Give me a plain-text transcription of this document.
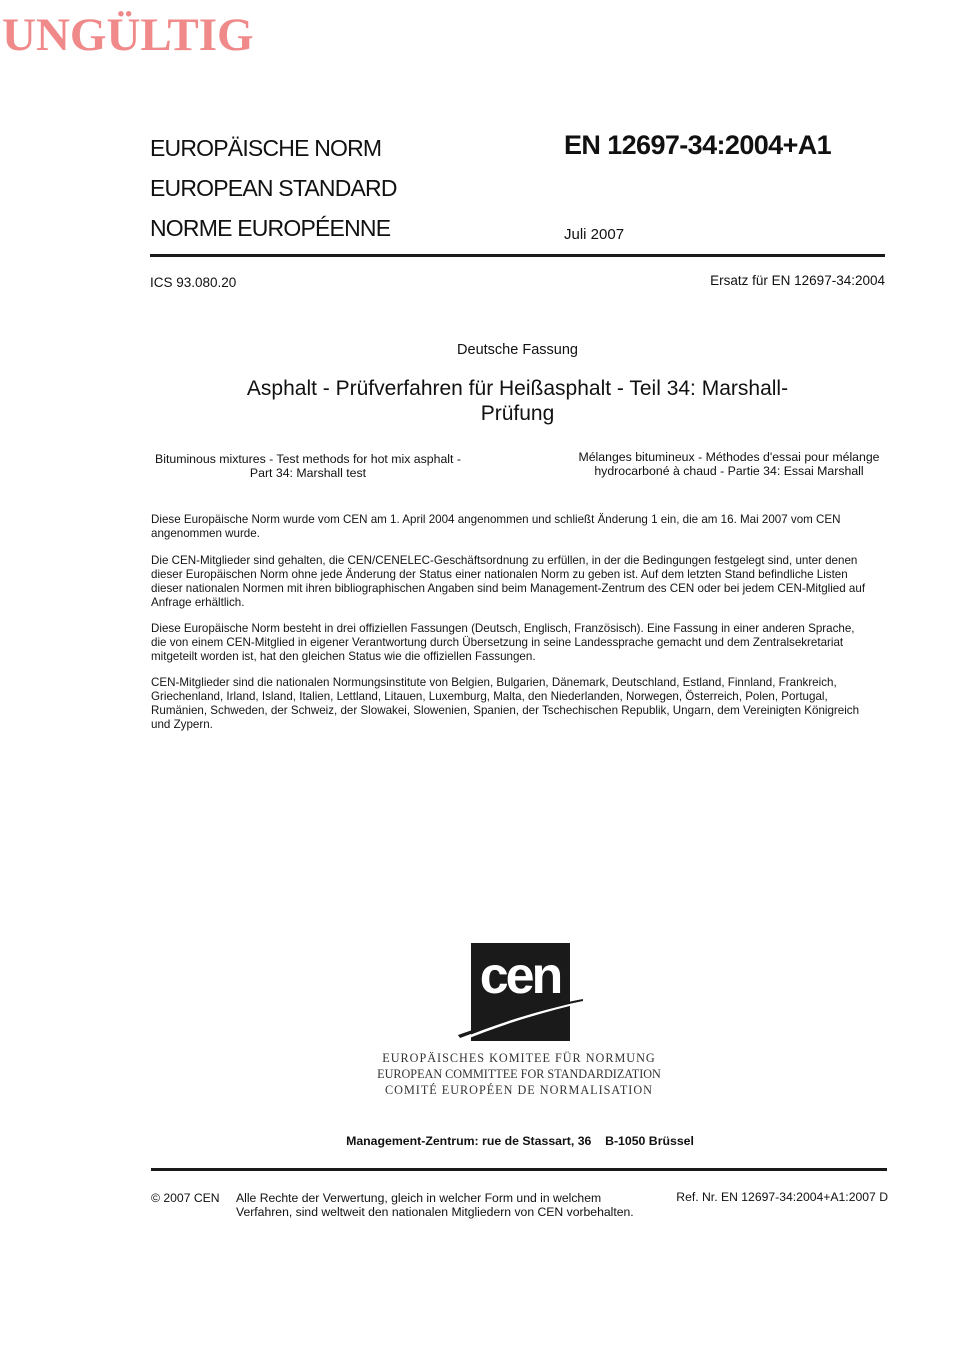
UNGÜLTIG
EUROPÄISCHE NORM
EUROPEAN STANDARD
NORME EUROPÉENNE
EN 12697-34:2004+A1
Juli 2007
ICS 93.080.20	Ersatz für EN 12697-34:2004
Deutsche Fassung
Asphalt - Prüfverfahren für Heißasphalt - Teil 34: Marshall-
Prüfung
Bituminous mixtures - Test methods for hot mix asphalt -
Part 34: Marshall test
Mélanges bitumineux - Méthodes d'essai pour mélange
hydrocarboné à chaud - Partie 34: Essai Marshall
Diese Europäische Norm wurde vom CEN am 1. April 2004 angenommen und schließt Änderung 1 ein, die am 16. Mai 2007 vom CEN
angenommen wurde.
Die CEN-Mitglieder sind gehalten, die CEN/CENELEC-Geschäftsordnung zu erfüllen, in der die Bedingungen festgelegt sind, unter denen
dieser Europäischen Norm ohne jede Änderung der Status einer nationalen Norm zu geben ist. Auf dem letzten Stand befindliche Listen
dieser nationalen Normen mit ihren bibliographischen Angaben sind beim Management-Zentrum des CEN oder bei jedem CEN-Mitglied auf
Anfrage erhältlich.
Diese Europäische Norm besteht in drei offiziellen Fassungen (Deutsch, Englisch, Französisch). Eine Fassung in einer anderen Sprache,
die von einem CEN-Mitglied in eigener Verantwortung durch Übersetzung in seine Landessprache gemacht und dem Zentralsekretariat
mitgeteilt worden ist, hat den gleichen Status wie die offiziellen Fassungen.
CEN-Mitglieder sind die nationalen Normungsinstitute von Belgien, Bulgarien, Dänemark, Deutschland, Estland, Finnland, Frankreich,
Griechenland, Irland, Island, Italien, Lettland, Litauen, Luxemburg, Malta, den Niederlanden, Norwegen, Österreich, Polen, Portugal,
Rumänien, Schweden, der Schweiz, der Slowakei, Slowenien, Spanien, der Tschechischen Republik, Ungarn, dem Vereinigten Königreich
und Zypern.
cen
EUROPÄISCHES KOMITEE FÜR NORMUNG
EUROPEAN COMMITTEE FOR STANDARDIZATION
COMITÉ EUROPÉEN DE NORMALISATION
Management-Zentrum: rue de Stassart, 36    B-1050 Brüssel
© 2007 CEN Alle Rechte der Verwertung, gleich in welcher Form und in welchem
Verfahren, sind weltweit den nationalen Mitgliedern von CEN vorbehalten.
Ref. Nr. EN 12697-34:2004+A1:2007 D
